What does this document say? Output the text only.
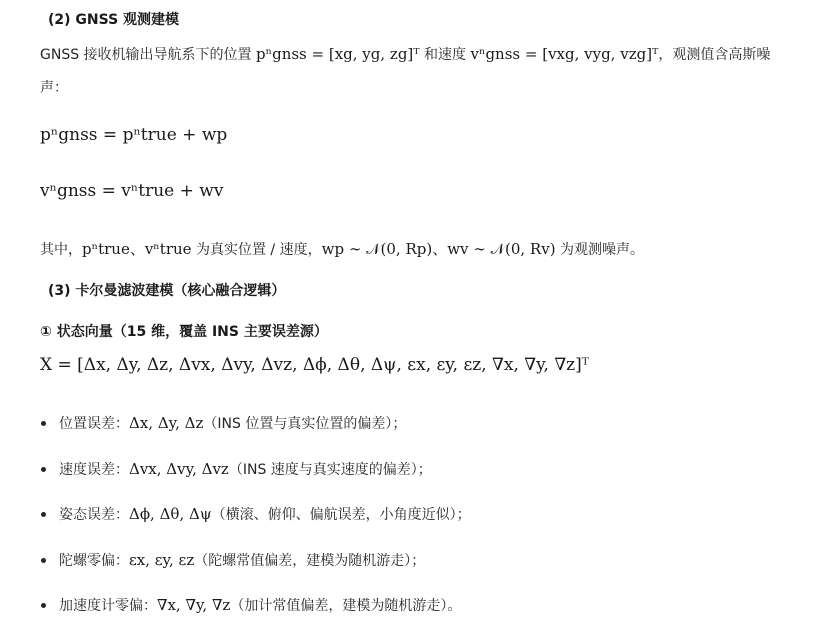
(2) GNSS 观测建模
GNSS 接收机输出导航系下的位置 pⁿgnss = [xg, yg, zg]ᵀ 和速度 vⁿgnss = [vxg, vyg, vzg]ᵀ，观测值含高斯噪
声：
pⁿgnss = pⁿtrue + wp
vⁿgnss = vⁿtrue + wv
其中，pⁿtrue、vⁿtrue 为真实位置 / 速度，wp ∼ 𝒩(0, Rp)、wv ∼ 𝒩(0, Rv) 为观测噪声。
(3) 卡尔曼滤波建模（核心融合逻辑）
① 状态向量（15 维，覆盖 INS 主要误差源）
X = [Δx, Δy, Δz, Δvx, Δvy, Δvz, Δϕ, Δθ, Δψ, εx, εy, εz, ∇x, ∇y, ∇z]ᵀ
位置误差：Δx, Δy, Δz（INS 位置与真实位置的偏差）；
速度误差：Δvx, Δvy, Δvz（INS 速度与真实速度的偏差）；
姿态误差：Δϕ, Δθ, Δψ（横滚、俯仰、偏航误差，小角度近似）；
陀螺零偏：εx, εy, εz（陀螺常值偏差，建模为随机游走）；
加速度计零偏：∇x, ∇y, ∇z（加计常值偏差，建模为随机游走）。
